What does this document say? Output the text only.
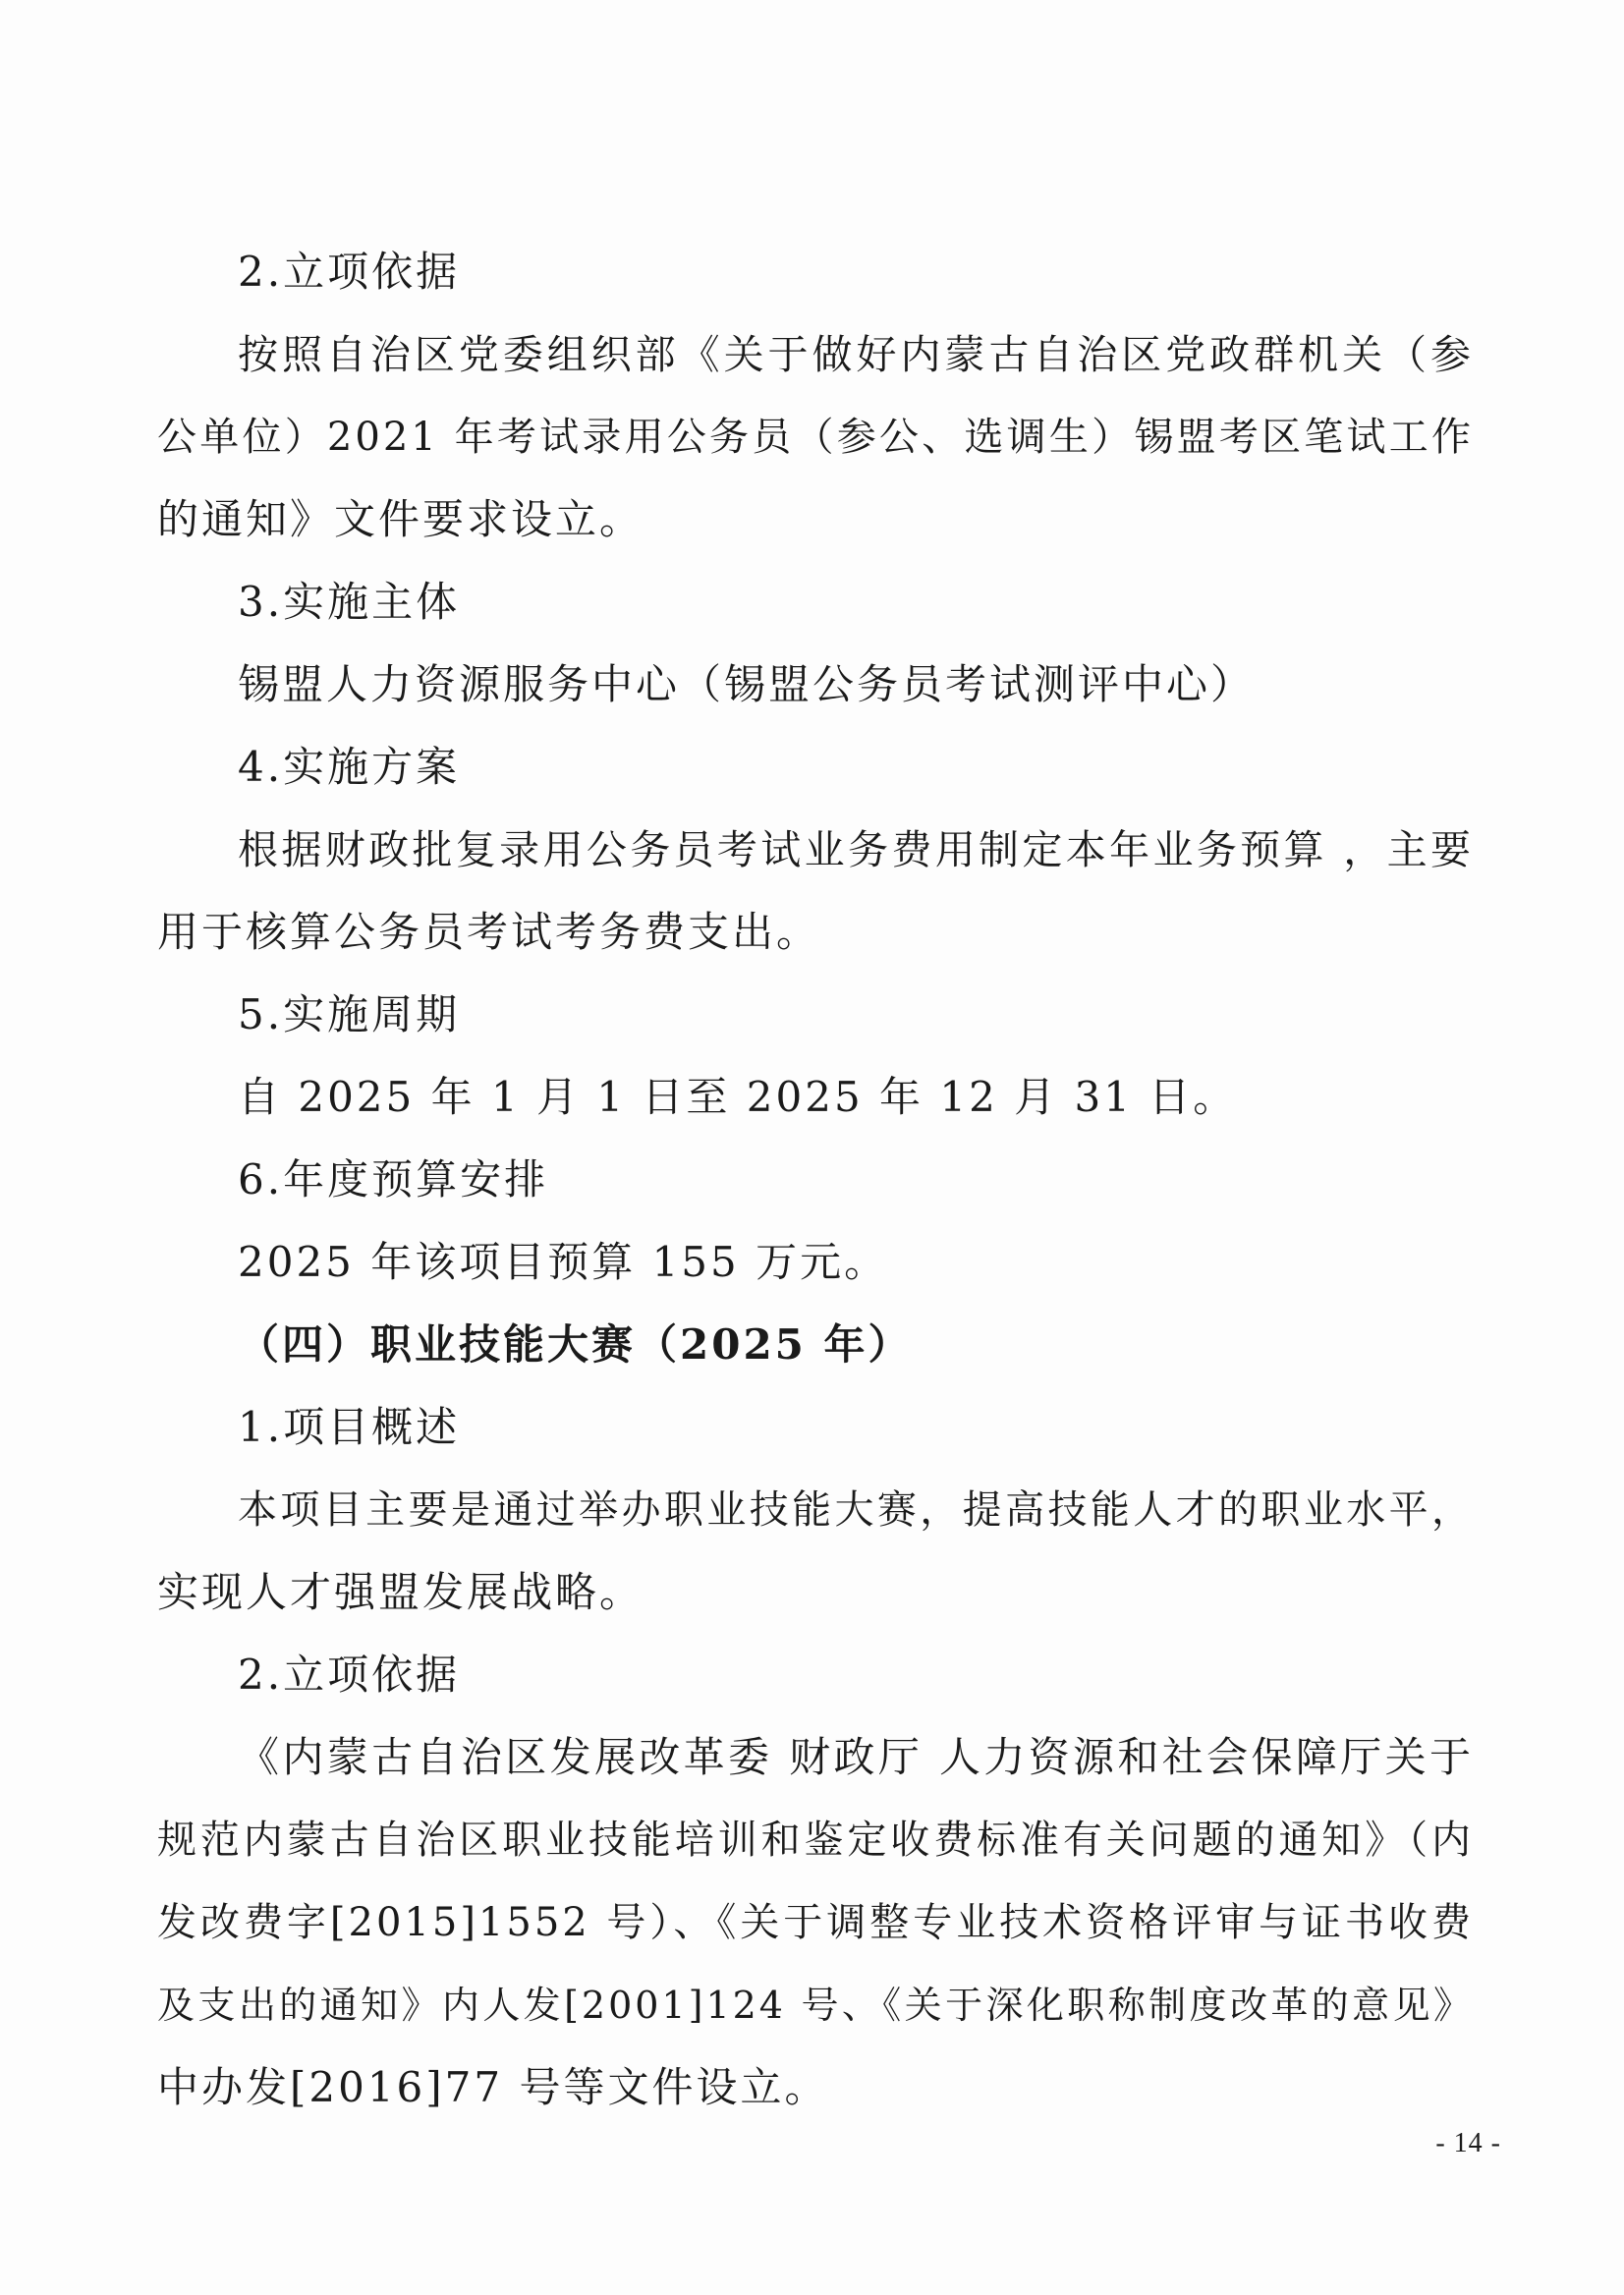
2.立项依据
按照自治区党委组织部《关于做好内蒙古自治区党政群机关（参
公单位）2021 年考试录用公务员（参公、选调生）锡盟考区笔试工作
的通知》文件要求设立。
3.实施主体
锡盟人力资源服务中心（锡盟公务员考试测评中心）
4.实施方案
根据财政批复录用公务员考试业务费用制定本年业务预算 ，主要
用于核算公务员考试考务费支出。
5.实施周期
自 2025 年 1 月 1 日至 2025 年 12 月 31 日。
6.年度预算安排
2025 年该项目预算 155 万元。
（四）职业技能大赛（2025 年）
1.项目概述
本项目主要是通过举办职业技能大赛，提高技能人才的职业水平，
实现人才强盟发展战略。
2.立项依据
《内蒙古自治区发展改革委 财政厅 人力资源和社会保障厅关于
规范内蒙古自治区职业技能培训和鉴定收费标准有关问题的通知》（内
发改费字[2015]1552 号）、《关于调整专业技术资格评审与证书收费
及支出的通知》内人发[2001]124 号、《关于深化职称制度改革的意见》
中办发[2016]77 号等文件设立。
- 14 -
